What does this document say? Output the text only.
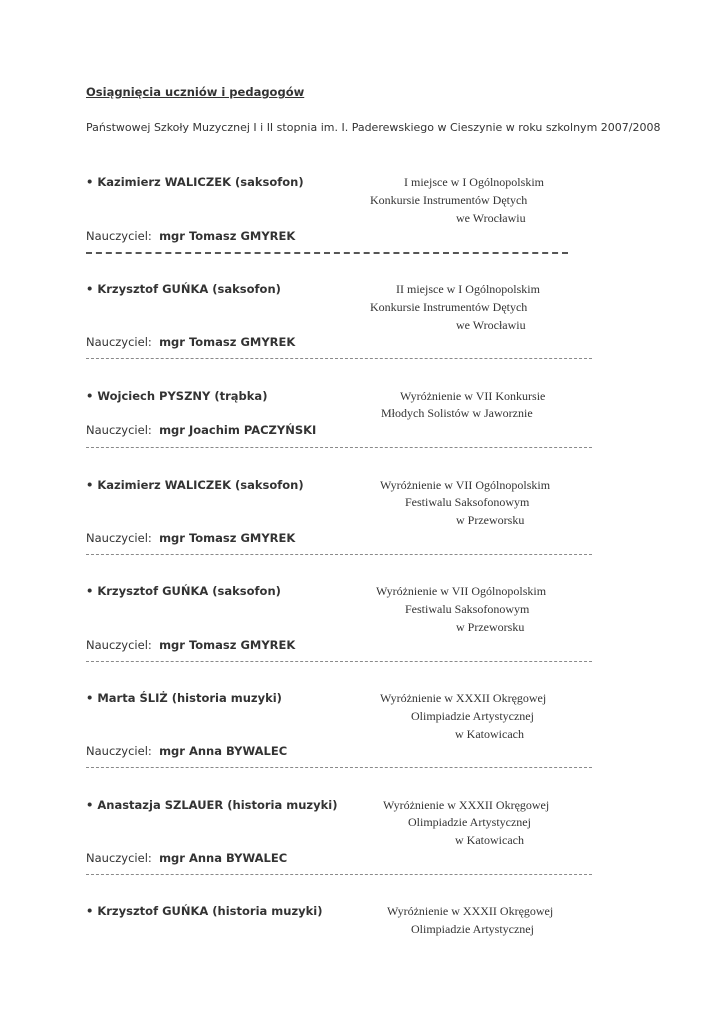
Osiągnięcia uczniów i pedagogów
Państwowej Szkoły Muzycznej I i II stopnia im. I. Paderewskiego w Cieszynie w roku szkolnym 2007/2008
• Kazimierz WALICZEK (saksofon)	I miejsce w I Ogólnopolskim
Konkursie Instrumentów Dętych
we Wrocławiu
Nauczyciel: mgr Tomasz GMYREK
• Krzysztof GUŃKA (saksofon)	II miejsce w I Ogólnopolskim
Konkursie Instrumentów Dętych
we Wrocławiu
Nauczyciel: mgr Tomasz GMYREK
• Wojciech PYSZNY (trąbka)	Wyróżnienie w VII Konkursie
Młodych Solistów w Jaworznie
Nauczyciel: mgr Joachim PACZYŃSKI
• Kazimierz WALICZEK (saksofon)	Wyróżnienie w VII Ogólnopolskim
Festiwalu Saksofonowym
w Przeworsku
Nauczyciel: mgr Tomasz GMYREK
• Krzysztof GUŃKA (saksofon)	Wyróżnienie w VII Ogólnopolskim
Festiwalu Saksofonowym
w Przeworsku
Nauczyciel: mgr Tomasz GMYREK
• Marta ŚLIŻ (historia muzyki)	Wyróżnienie w XXXII Okręgowej
Olimpiadzie Artystycznej
w Katowicach
Nauczyciel: mgr Anna BYWALEC
• Anastazja SZLAUER (historia muzyki)	Wyróżnienie w XXXII Okręgowej
Olimpiadzie Artystycznej
w Katowicach
Nauczyciel: mgr Anna BYWALEC
• Krzysztof GUŃKA (historia muzyki)	Wyróżnienie w XXXII Okręgowej
Olimpiadzie Artystycznej
